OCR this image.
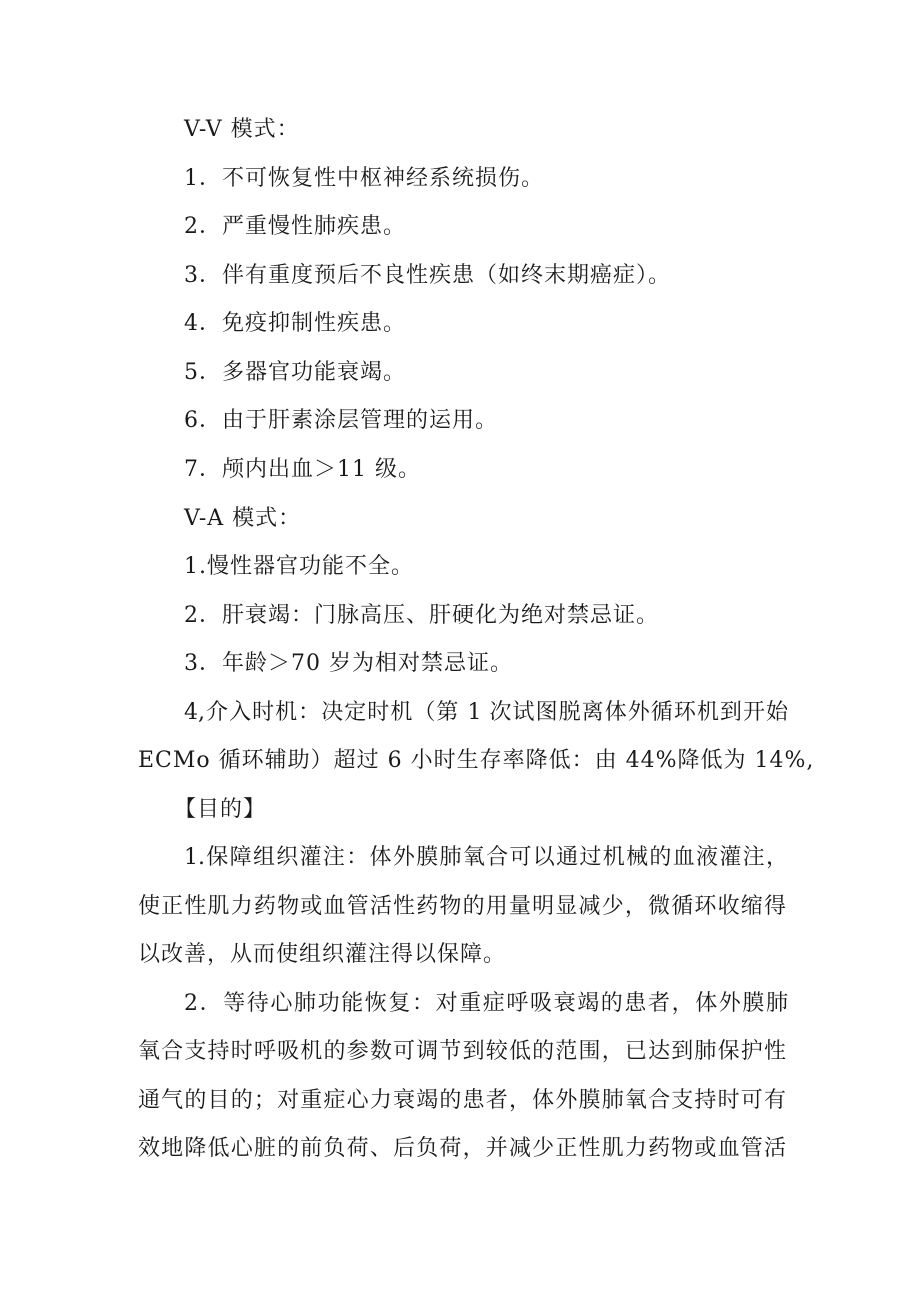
V-V 模式：
1．不可恢复性中枢神经系统损伤。
2．严重慢性肺疾患。
3．伴有重度预后不良性疾患（如终末期癌症）。
4．免疫抑制性疾患。
5．多器官功能衰竭。
6．由于肝素涂层管理的运用。
7．颅内出血＞11 级。
V-A 模式：
1.慢性器官功能不全。
2．肝衰竭：门脉高压、肝硬化为绝对禁忌证。
3．年龄＞70 岁为相对禁忌证。
4,介入时机：决定时机（第 1 次试图脱离体外循环机到开始
ECMo 循环辅助）超过 6 小时生存率降低：由 44%降低为 14%,
【目的】
1.保障组织灌注：体外膜肺氧合可以通过机械的血液灌注，
使正性肌力药物或血管活性药物的用量明显减少，微循环收缩得
以改善，从而使组织灌注得以保障。
2．等待心肺功能恢复：对重症呼吸衰竭的患者，体外膜肺
氧合支持时呼吸机的参数可调节到较低的范围，已达到肺保护性
通气的目的；对重症心力衰竭的患者，体外膜肺氧合支持时可有
效地降低心脏的前负荷、后负荷，并减少正性肌力药物或血管活
